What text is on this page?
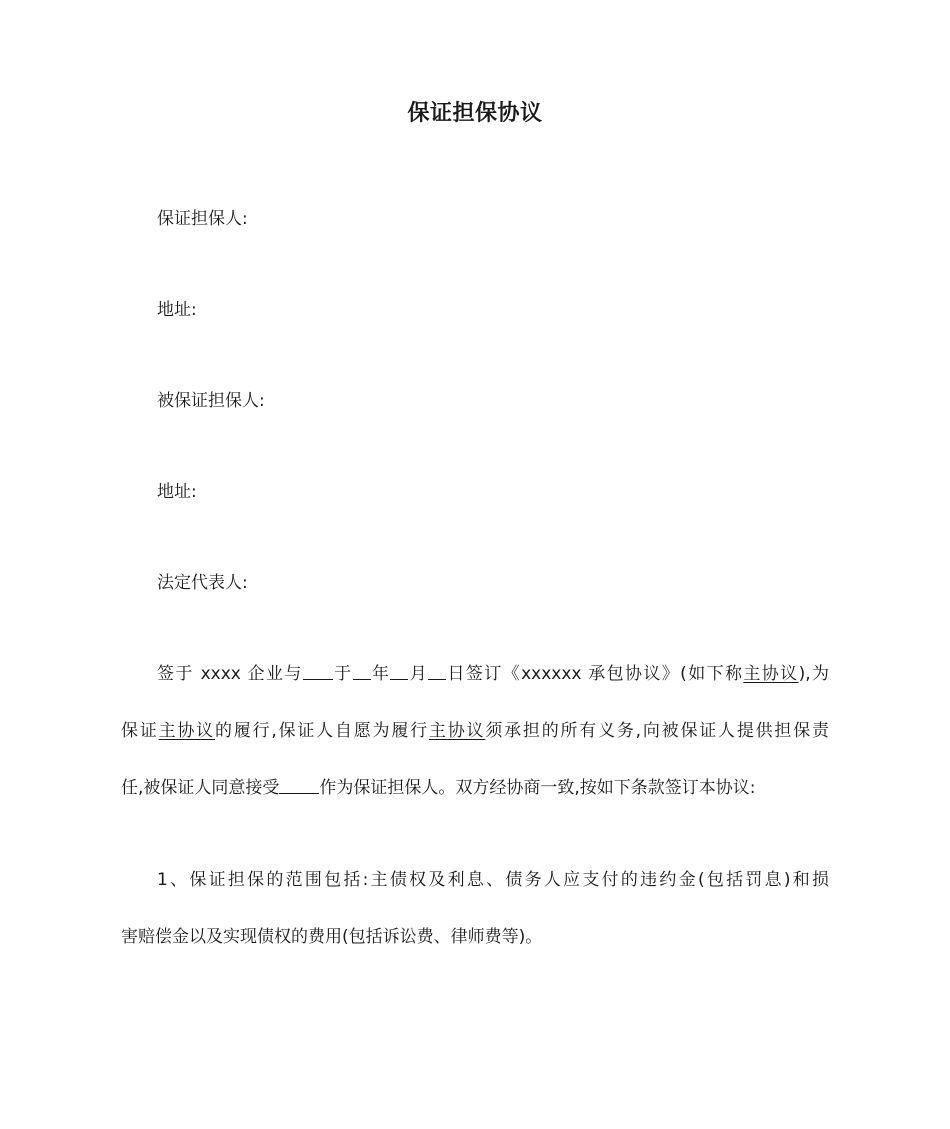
保证担保协议
保证担保人:
地址:
被保证担保人:
地址:
法定代表人:
签于 xxxx 企业与 于 年 月 日签订《xxxxxx 承包协议》(如下称主协议),为
保证主协议的履行,保证人自愿为履行主协议须承担的所有义务,向被保证人提供担保责
任,被保证人同意接受 作为保证担保人。双方经协商一致,按如下条款签订本协议:
1、保证担保的范围包括:主债权及利息、债务人应支付的违约金(包括罚息)和损
害赔偿金以及实现债权的费用(包括诉讼费、律师费等)。
